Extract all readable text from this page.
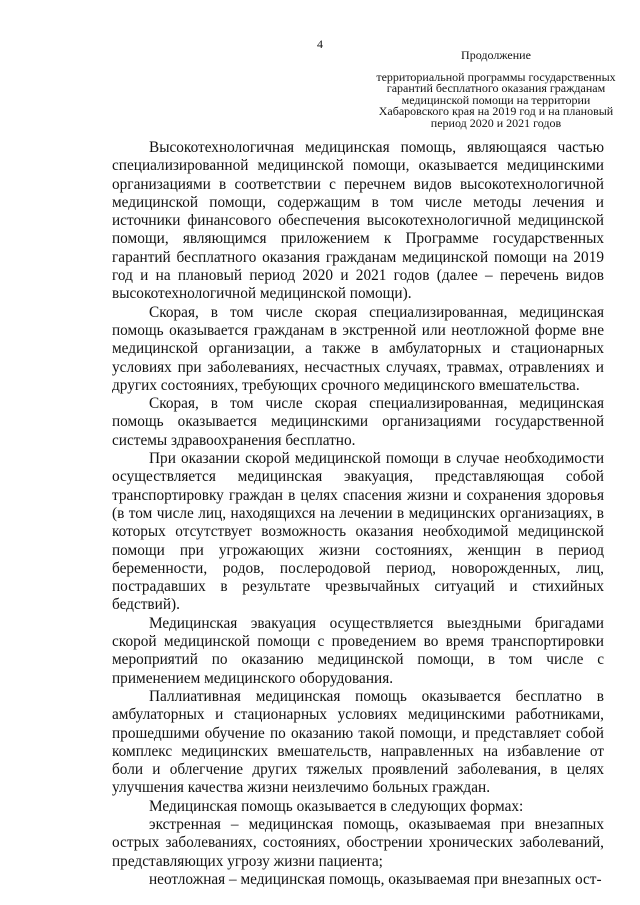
4
Продолжение
территориальной программы государственных гарантий бесплатного оказания гражданам медицинской помощи на территории Хабаровского края на 2019 год и на плановый период 2020 и 2021 годов

Высокотехнологичная медицинская помощь, являющаяся частью специализированной медицинской помощи, оказывается медицинскими организациями в соответствии с перечнем видов высокотехнологичной медицинской помощи, содержащим в том числе методы лечения и источники финансового обеспечения высокотехнологичной медицинской помощи, являющимся приложением к Программе государственных гарантий бесплатного оказания гражданам медицинской помощи на 2019 год и на плановый период 2020 и 2021 годов (далее – перечень видов высокотехнологичной медицинской помощи).

Скорая, в том числе скорая специализированная, медицинская помощь оказывается гражданам в экстренной или неотложной форме вне медицинской организации, а также в амбулаторных и стационарных условиях при заболеваниях, несчастных случаях, травмах, отравлениях и других состояниях, требующих срочного медицинского вмешательства.

Скорая, в том числе скорая специализированная, медицинская помощь оказывается медицинскими организациями государственной системы здравоохранения бесплатно.

При оказании скорой медицинской помощи в случае необходимости осуществляется медицинская эвакуация, представляющая собой транспортировку граждан в целях спасения жизни и сохранения здоровья (в том числе лиц, находящихся на лечении в медицинских организациях, в которых отсутствует возможность оказания необходимой медицинской помощи при угрожающих жизни состояниях, женщин в период беременности, родов, послеродовой период, новорожденных, лиц, пострадавших в результате чрезвычайных ситуаций и стихийных бедствий).

Медицинская эвакуация осуществляется выездными бригадами скорой медицинской помощи с проведением во время транспортировки мероприятий по оказанию медицинской помощи, в том числе с применением медицинского оборудования.

Паллиативная медицинская помощь оказывается бесплатно в амбулаторных и стационарных условиях медицинскими работниками, прошедшими обучение по оказанию такой помощи, и представляет собой комплекс медицинских вмешательств, направленных на избавление от боли и облегчение других тяжелых проявлений заболевания, в целях улучшения качества жизни неизлечимо больных граждан.

Медицинская помощь оказывается в следующих формах:

экстренная – медицинская помощь, оказываемая при внезапных острых заболеваниях, состояниях, обострении хронических заболеваний, представляющих угрозу жизни пациента;

неотложная – медицинская помощь, оказываемая при внезапных ост-
